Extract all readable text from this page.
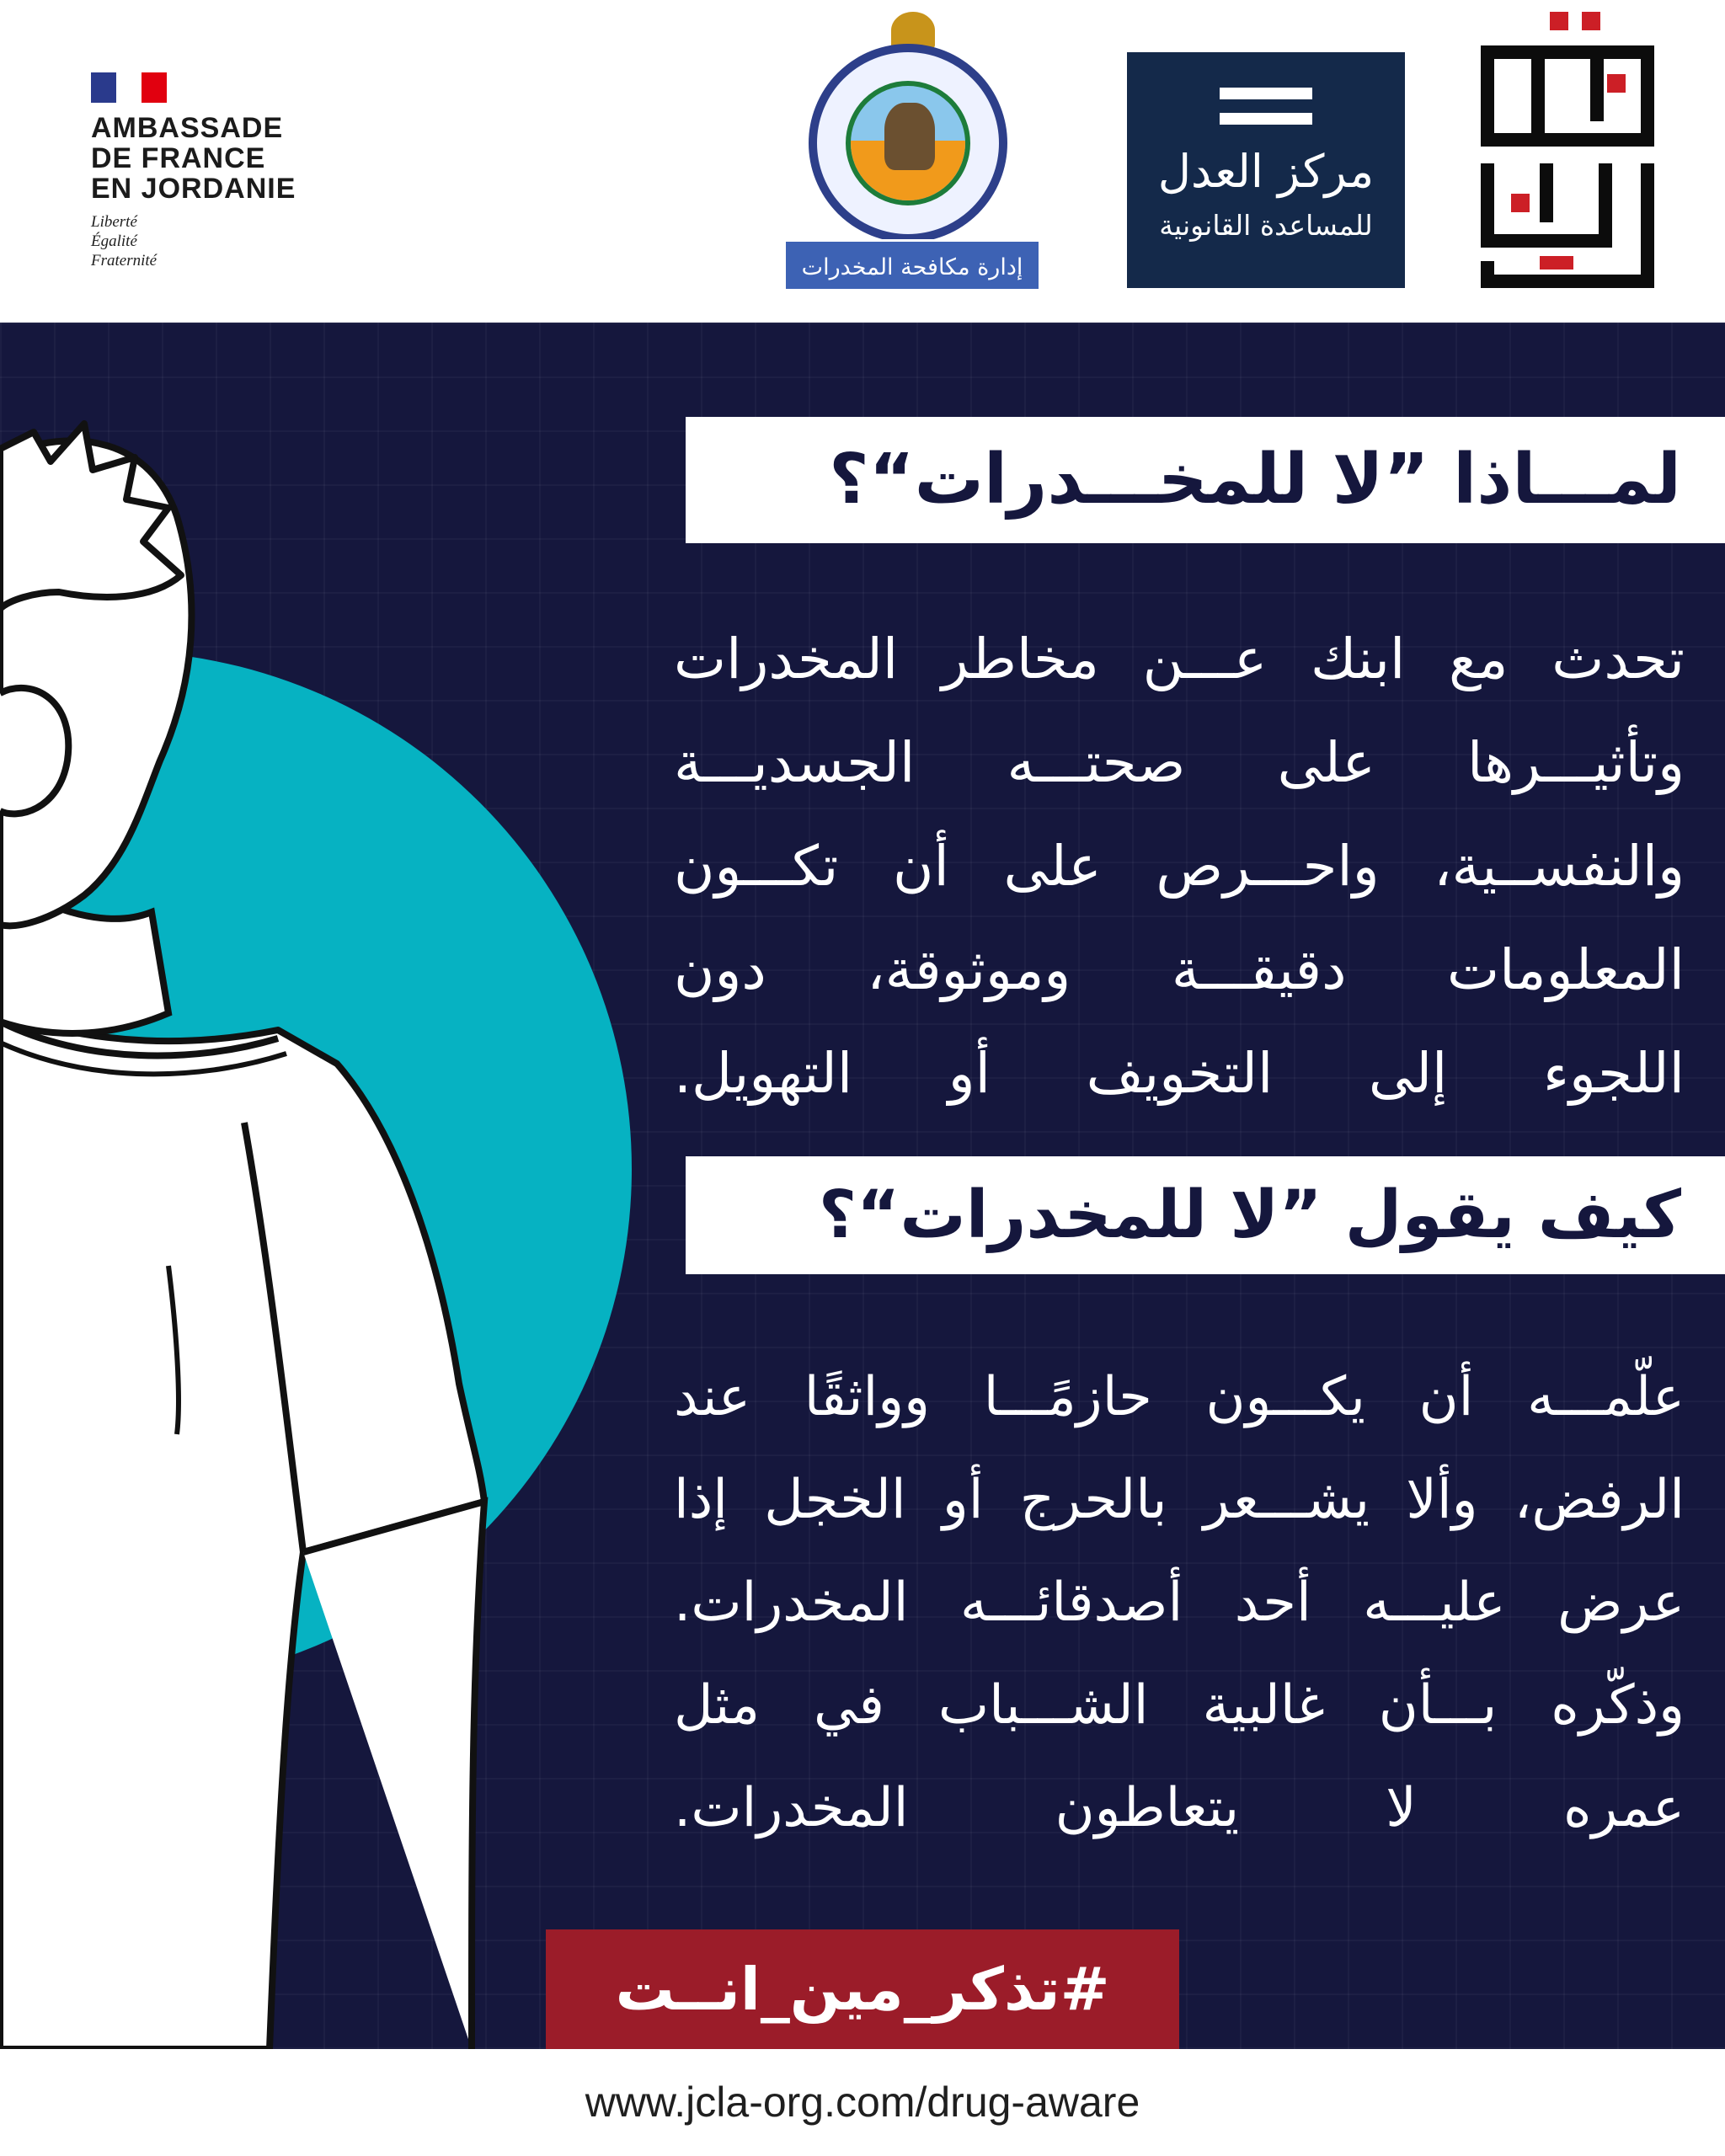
AMBASSADE
DE FRANCE
EN JORDANIE
Liberté
Égalité
Fraternité	إدارة مكافحة المخدرات
مركز العدل
للمساعدة القانونية
لمـــاذا ”لا للمخـــدرات“؟
تحدث مع ابنك عـــن مخاطر المخدرات
وتأثيـــرها على صحتـــه الجسديـــة
والنفســية، واحـــرص على أن تكـــون
المعلومات دقيقـــة وموثوقة، دون
اللجوء إلى التخويف أو التهويل.
كيف يقول ”لا للمخدرات“؟
علّمـــه أن يكـــون حازمًـــا وواثقًا عند
الرفض، وألا يشـــعر بالحرج أو الخجل إذا
عرض عليـــه أحد أصدقائـــه المخدرات.
وذكّره بـــأن غالبية الشـــباب في مثل
عمره لا يتعاطون المخدرات.
#تذكر_مين_انــت
www.jcla-org.com/drug-aware
